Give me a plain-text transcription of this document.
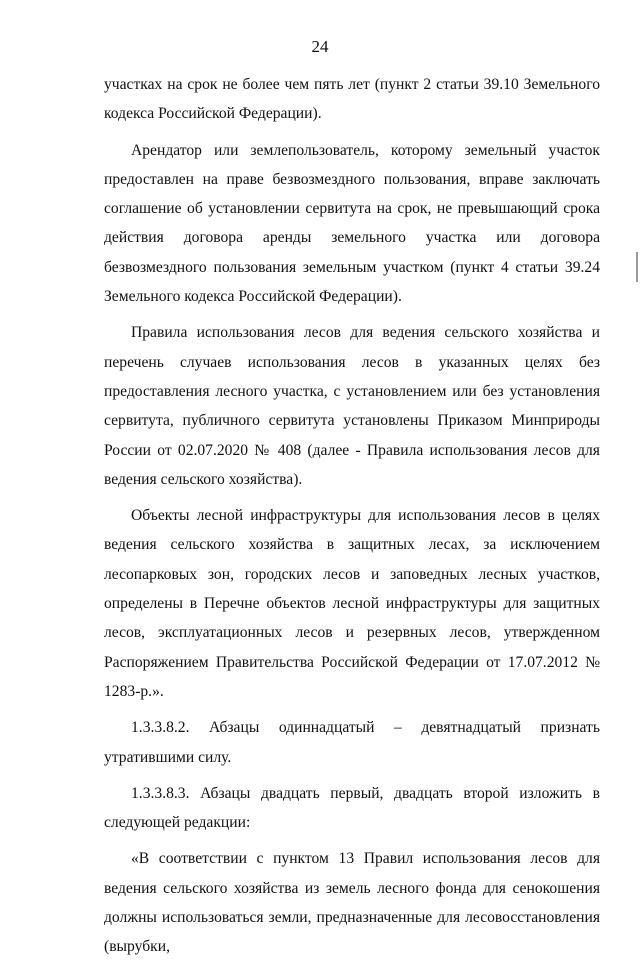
24

участках на срок не более чем пять лет (пункт 2 статьи 39.10 Земельного кодекса Российской Федерации).

Арендатор или землепользователь, которому земельный участок предоставлен на праве безвозмездного пользования, вправе заключать соглашение об установлении сервитута на срок, не превышающий срока действия договора аренды земельного участка или договора безвозмездного пользования земельным участком (пункт 4 статьи 39.24 Земельного кодекса Российской Федерации).

Правила использования лесов для ведения сельского хозяйства и перечень случаев использования лесов в указанных целях без предоставления лесного участка, с установлением или без установления сервитута, публичного сервитута установлены Приказом Минприроды России от 02.07.2020 № 408 (далее - Правила использования лесов для ведения сельского хозяйства).

Объекты лесной инфраструктуры для использования лесов в целях ведения сельского хозяйства в защитных лесах, за исключением лесопарковых зон, городских лесов и заповедных лесных участков, определены в Перечне объектов лесной инфраструктуры для защитных лесов, эксплуатационных лесов и резервных лесов, утвержденном Распоряжением Правительства Российской Федерации от 17.07.2012 № 1283-р.».

1.3.3.8.2. Абзацы одиннадцатый – девятнадцатый признать утратившими силу.

1.3.3.8.3. Абзацы двадцать первый, двадцать второй изложить в следующей редакции:

«В соответствии с пунктом 13 Правил использования лесов для ведения сельского хозяйства из земель лесного фонда для сенокошения должны использоваться земли, предназначенные для лесовосстановления (вырубки,
